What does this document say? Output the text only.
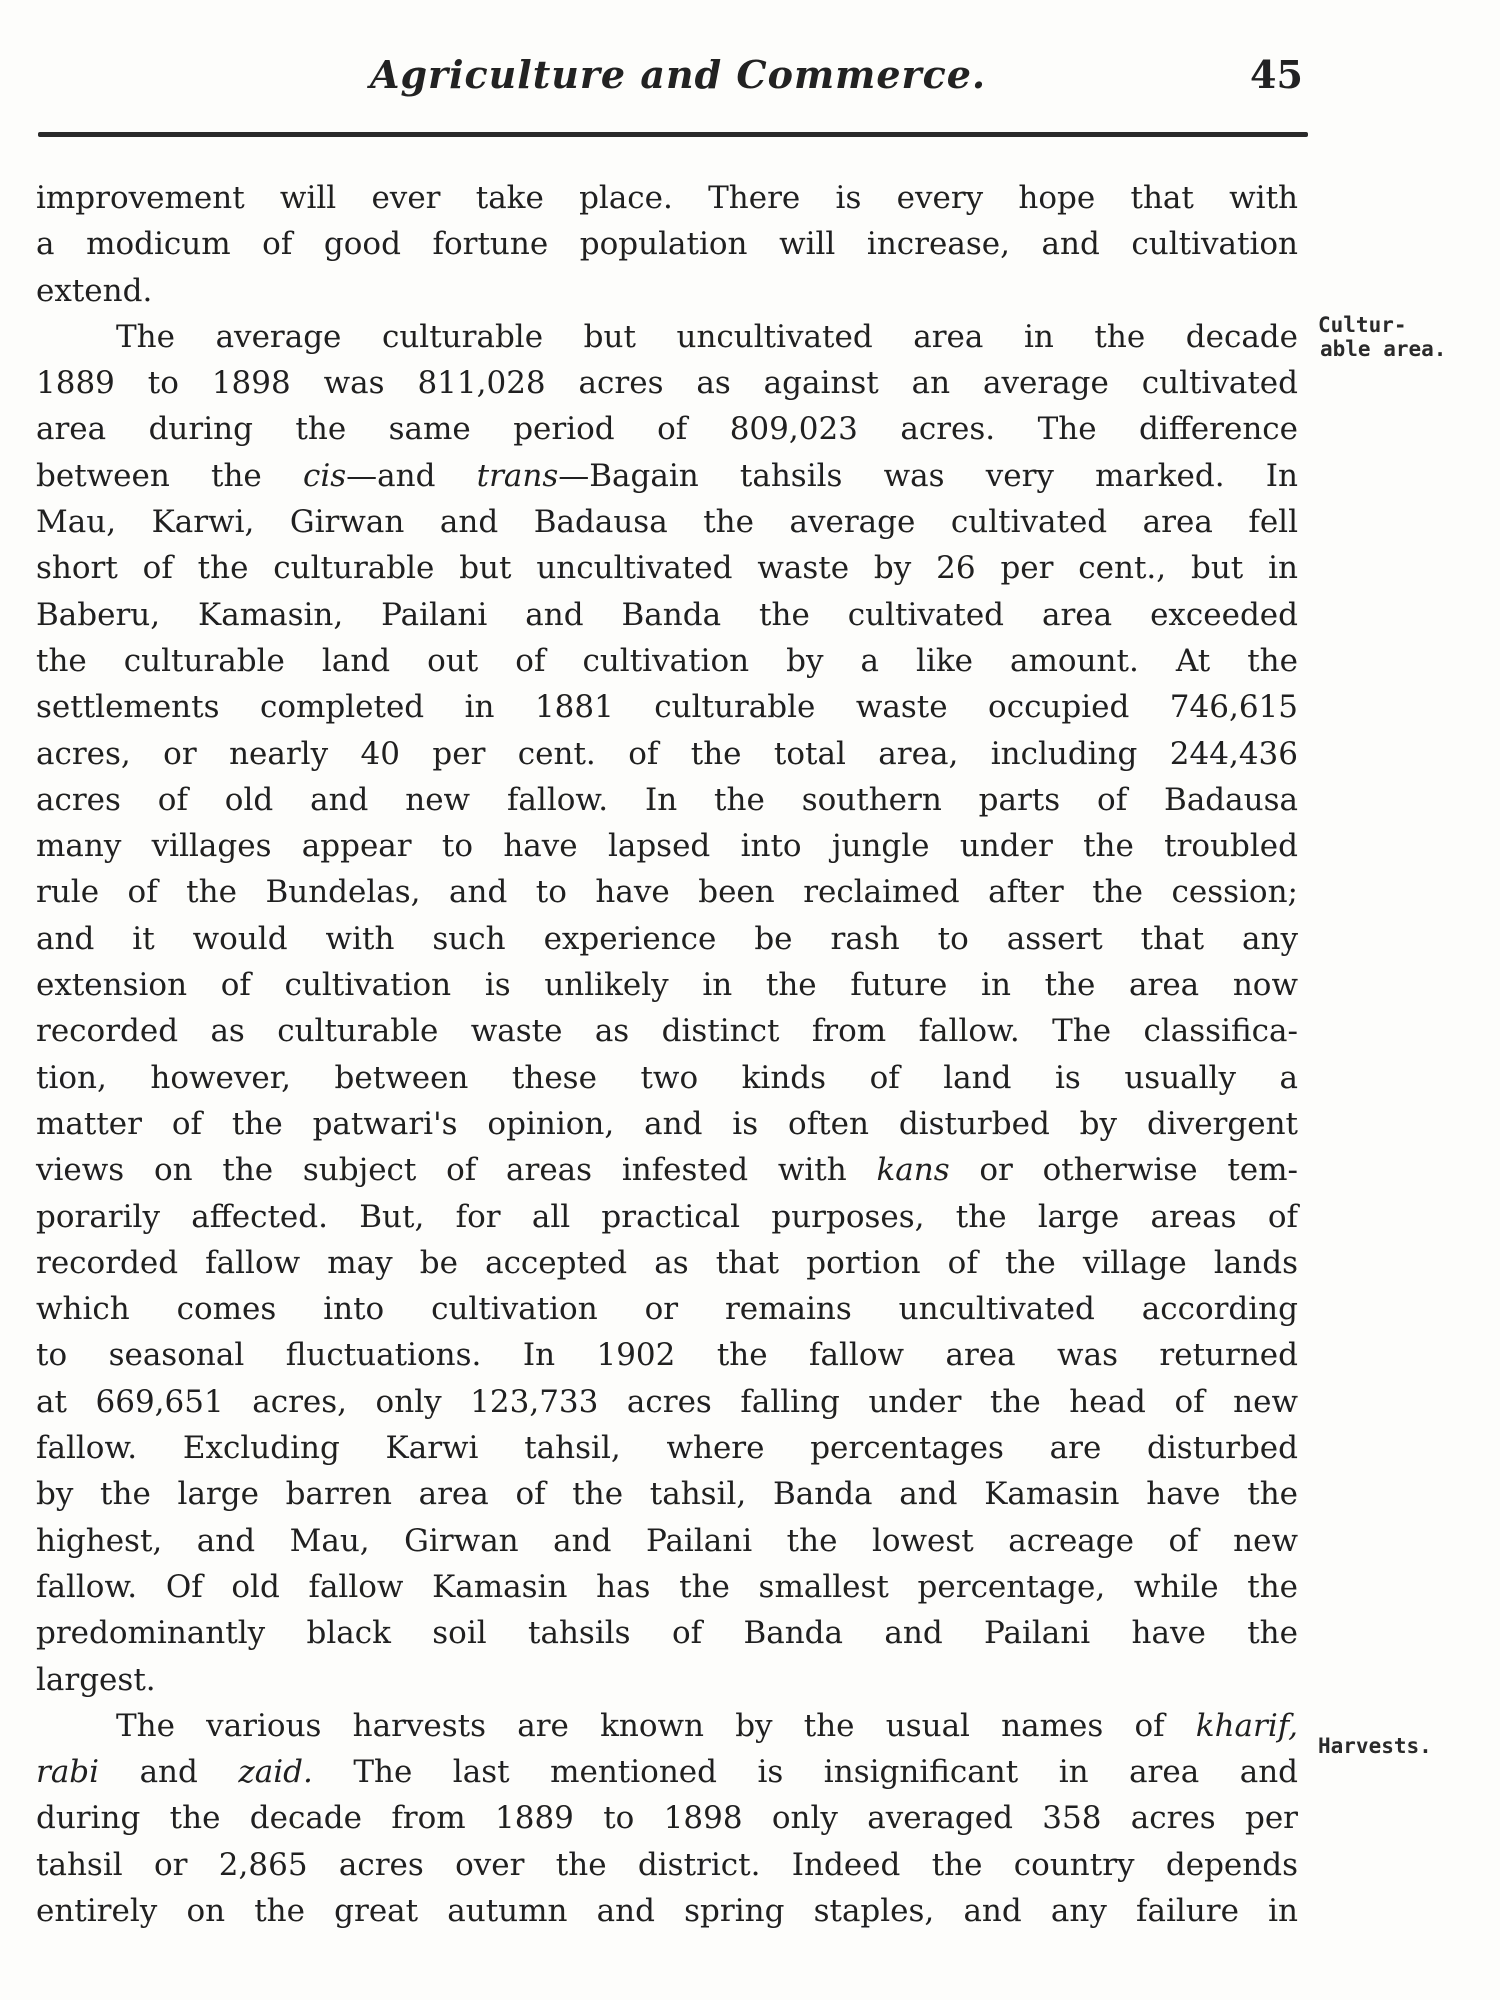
Agriculture and Commerce.	45
Cultur-
able area.
Harvests.

improvement will ever take place. There is every hope that with
a modicum of good fortune population will increase, and cultivation
extend.

The average culturable but uncultivated area in the decade
1889 to 1898 was 811,028 acres as against an average cultivated
area during the same period of 809,023 acres. The difference
between the cis—and trans—Bagain tahsils was very marked. In
Mau, Karwi, Girwan and Badausa the average cultivated area fell
short of the culturable but uncultivated waste by 26 per cent., but in
Baberu, Kamasin, Pailani and Banda the cultivated area exceeded
the culturable land out of cultivation by a like amount. At the
settlements completed in 1881 culturable waste occupied 746,615
acres, or nearly 40 per cent. of the total area, including 244,436
acres of old and new fallow. In the southern parts of Badausa
many villages appear to have lapsed into jungle under the troubled
rule of the Bundelas, and to have been reclaimed after the cession;
and it would with such experience be rash to assert that any
extension of cultivation is unlikely in the future in the area now
recorded as culturable waste as distinct from fallow. The classifica-
tion, however, between these two kinds of land is usually a
matter of the patwari's opinion, and is often disturbed by divergent
views on the subject of areas infested with kans or otherwise tem-
porarily affected. But, for all practical purposes, the large areas of
recorded fallow may be accepted as that portion of the village lands
which comes into cultivation or remains uncultivated according
to seasonal fluctuations. In 1902 the fallow area was returned
at 669,651 acres, only 123,733 acres falling under the head of new
fallow. Excluding Karwi tahsil, where percentages are disturbed
by the large barren area of the tahsil, Banda and Kamasin have the
highest, and Mau, Girwan and Pailani the lowest acreage of new
fallow. Of old fallow Kamasin has the smallest percentage, while the
predominantly black soil tahsils of Banda and Pailani have the
largest.

The various harvests are known by the usual names of kharif,
rabi and zaid. The last mentioned is insignificant in area and
during the decade from 1889 to 1898 only averaged 358 acres per
tahsil or 2,865 acres over the district. Indeed the country depends
entirely on the great autumn and spring staples, and any failure in
